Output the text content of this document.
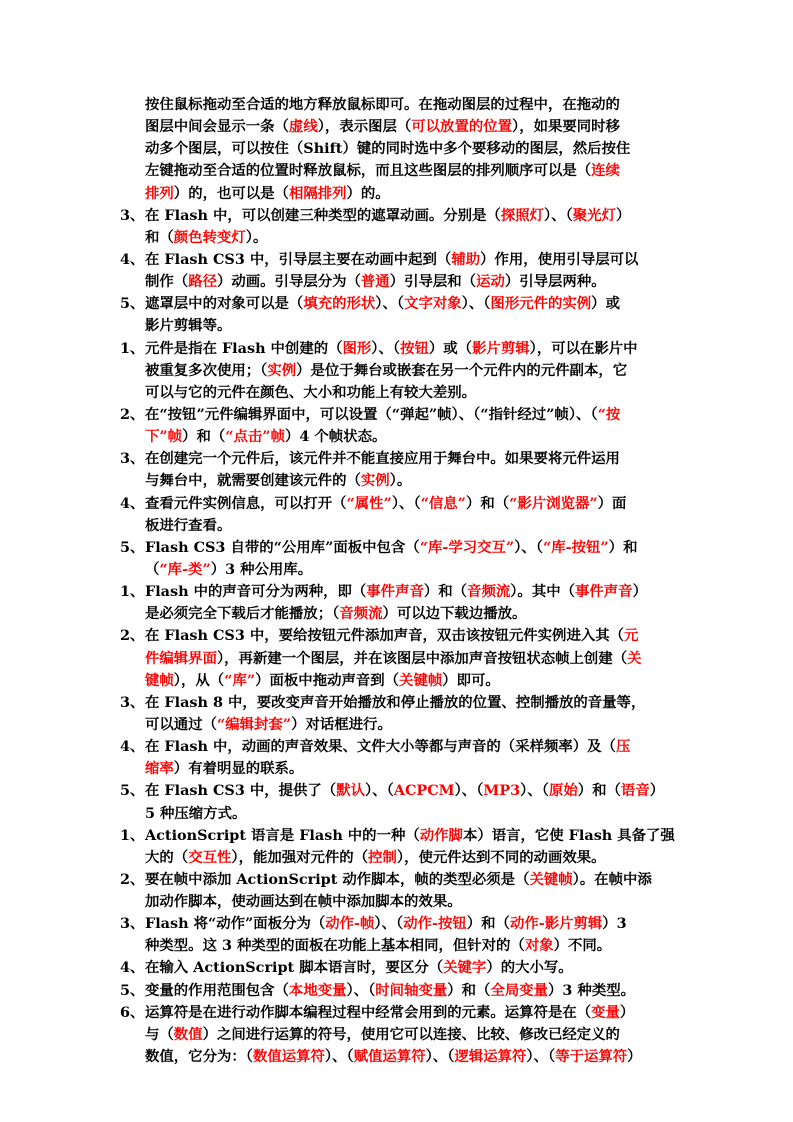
按住鼠标拖动至合适的地方释放鼠标即可。在拖动图层的过程中，在拖动的
图层中间会显示一条（虚线），表示图层（可以放置的位置），如果要同时移
动多个图层，可以按住（Shift）键的同时选中多个要移动的图层，然后按住
左键拖动至合适的位置时释放鼠标，而且这些图层的排列顺序可以是（连续
排列）的，也可以是（相隔排列）的。
3、 在 Flash 中，可以创建三种类型的遮罩动画。分别是（探照灯）、（聚光灯）
和（颜色转变灯）。
4、 在 Flash CS3 中，引导层主要在动画中起到（辅助）作用，使用引导层可以
制作（路径）动画。引导层分为（普通）引导层和（运动）引导层两种。
5、 遮罩层中的对象可以是（填充的形状）、（文字对象）、（图形元件的实例）或
影片剪辑等。
1、 元件是指在 Flash 中创建的（图形）、（按钮）或（影片剪辑），可以在影片中
被重复多次使用；（实例）是位于舞台或嵌套在另一个元件内的元件副本，它
可以与它的元件在颜色、大小和功能上有较大差别。
2、 在“按钮”元件编辑界面中，可以设置（“弹起”帧）、（“指针经过”帧）、（“按
下”帧）和（“点击”帧）4 个帧状态。
3、 在创建完一个元件后，该元件并不能直接应用于舞台中。如果要将元件运用
与舞台中，就需要创建该元件的（实例）。
4、 查看元件实例信息，可以打开（“属性”）、（“信息”）和（“影片浏览器”）面
板进行查看。
5、 Flash CS3 自带的“公用库”面板中包含（“库-学习交互”）、（“库-按钮”）和
（“库-类”）3 种公用库。
1、 Flash 中的声音可分为两种，即（事件声音）和（音频流）。其中（事件声音）
是必须完全下载后才能播放；（音频流）可以边下载边播放。
2、 在 Flash CS3 中，要给按钮元件添加声音，双击该按钮元件实例进入其（元
件编辑界面），再新建一个图层，并在该图层中添加声音按钮状态帧上创建（关
键帧），从（“库”）面板中拖动声音到（关键帧）即可。
3、 在 Flash 8 中，要改变声音开始播放和停止播放的位置、控制播放的音量等，
可以通过（“编辑封套”）对话框进行。
4、 在 Flash 中，动画的声音效果、文件大小等都与声音的（采样频率）及（压
缩率）有着明显的联系。
5、 在 Flash CS3 中，提供了（默认）、（ACPCM）、（MP3）、（原始）和（语音）
5 种压缩方式。
1、 ActionScript 语言是 Flash 中的一种（动作脚本）语言，它使 Flash 具备了强
大的（交互性），能加强对元件的（控制），使元件达到不同的动画效果。
2、 要在帧中添加 ActionScript 动作脚本，帧的类型必须是（关键帧）。在帧中添
加动作脚本，使动画达到在帧中添加脚本的效果。
3、 Flash 将“动作”面板分为（动作-帧）、（动作-按钮）和（动作-影片剪辑）3
种类型。这 3 种类型的面板在功能上基本相同，但针对的（对象）不同。
4、 在输入 ActionScript 脚本语言时，要区分（关键字）的大小写。
5、 变量的作用范围包含（本地变量）、（时间轴变量）和（全局变量）3 种类型。
6、 运算符是在进行动作脚本编程过程中经常会用到的元素。运算符是在（变量）
与（数值）之间进行运算的符号，使用它可以连接、比较、修改已经定义的
数值，它分为：（数值运算符）、（赋值运算符）、（逻辑运算符）、（等于运算符）
